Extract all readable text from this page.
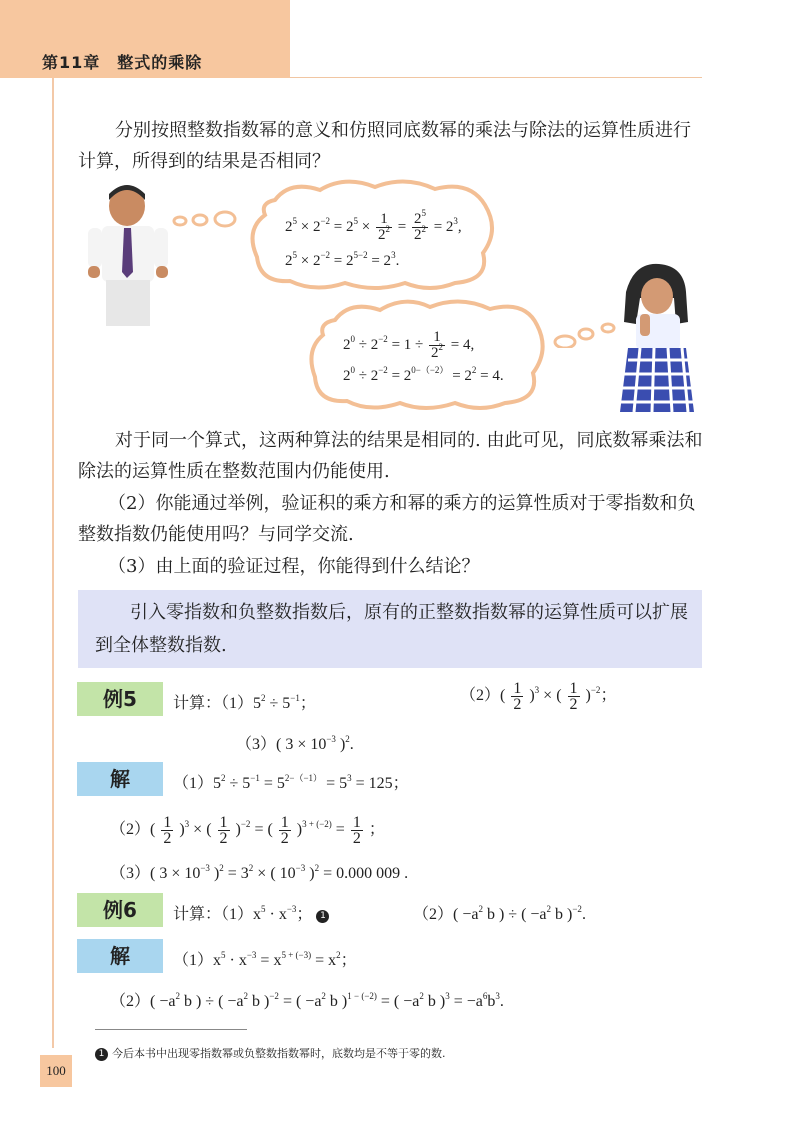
第11章　整式的乘除
分别按照整数指数幂的意义和仿照同底数幂的乘法与除法的运算性质进行
计算，所得到的结果是否相同？
$2^5 \times 2^{-2} = 2^5 \times \frac{1}{2^2} = \frac{2^5}{2^2} = 2^3$,
$2^5 \times 2^{-2} = 2^{5-2} = 2^3$.
$2^0 \div 2^{-2} = 1 \div \frac{1}{2^2} = 4$,
$2^0 \div 2^{-2} = 2^{0-(-2)} = 2^2 = 4$.
对于同一个算式，这两种算法的结果是相同的. 由此可见，同底数幂乘法和
除法的运算性质在整数范围内仍能使用.
（2）你能通过举例，验证积的乘方和幂的乘方的运算性质对于零指数和负
整数指数仍能使用吗？与同学交流.
（3）由上面的验证过程，你能得到什么结论？
引入零指数和负整数指数后，原有的正整数指数幂的运算性质可以扩展
到全体整数指数.
例5	计算：$(1)5^2 \div 5^{-1}$；	$(2)( \frac{1}{2} )^3$ × ( $\frac{1}{2} )^{-2}$；
（3）( $3 \times 10^{-3}$ )$^2$.
解	$(1)5^2 \div 5^{-1} = 5^{2-(-1)} = 5^3 = 125$；
$(2)( \frac{1}{2} )^3$ × ( $\frac{1}{2} )^{-2}$ = ( $\frac{1}{2} )^{3 + (-2)} = \frac{1}{2}$ ；
（3）( $3 \times 10^{-3}$ )$^2 = 3^2$ × ( $10^{-3}$ )$^2$ = 0.000 009 .
例6	计算：$(1)x^5 \cdot x^{-3}$； 1	$(2)( -a^2$ b ) ÷ ( $-a^2$ b )$^{-2}$.
解	$(1)x^5 \cdot x^{-3} = x^{5 + (-3)} = x^2$；
$(2)( -a^2$ b ) ÷ ( $-a^2$ b )$^{-2}$ = ( $-a^2$ b )$^{1 - (-2)}$ = ( $-a^2$ b )$^3 = -a^6b^3$.
1 今后本书中出现零指数幂或负整数指数幂时，底数均是不等于零的数.
100
